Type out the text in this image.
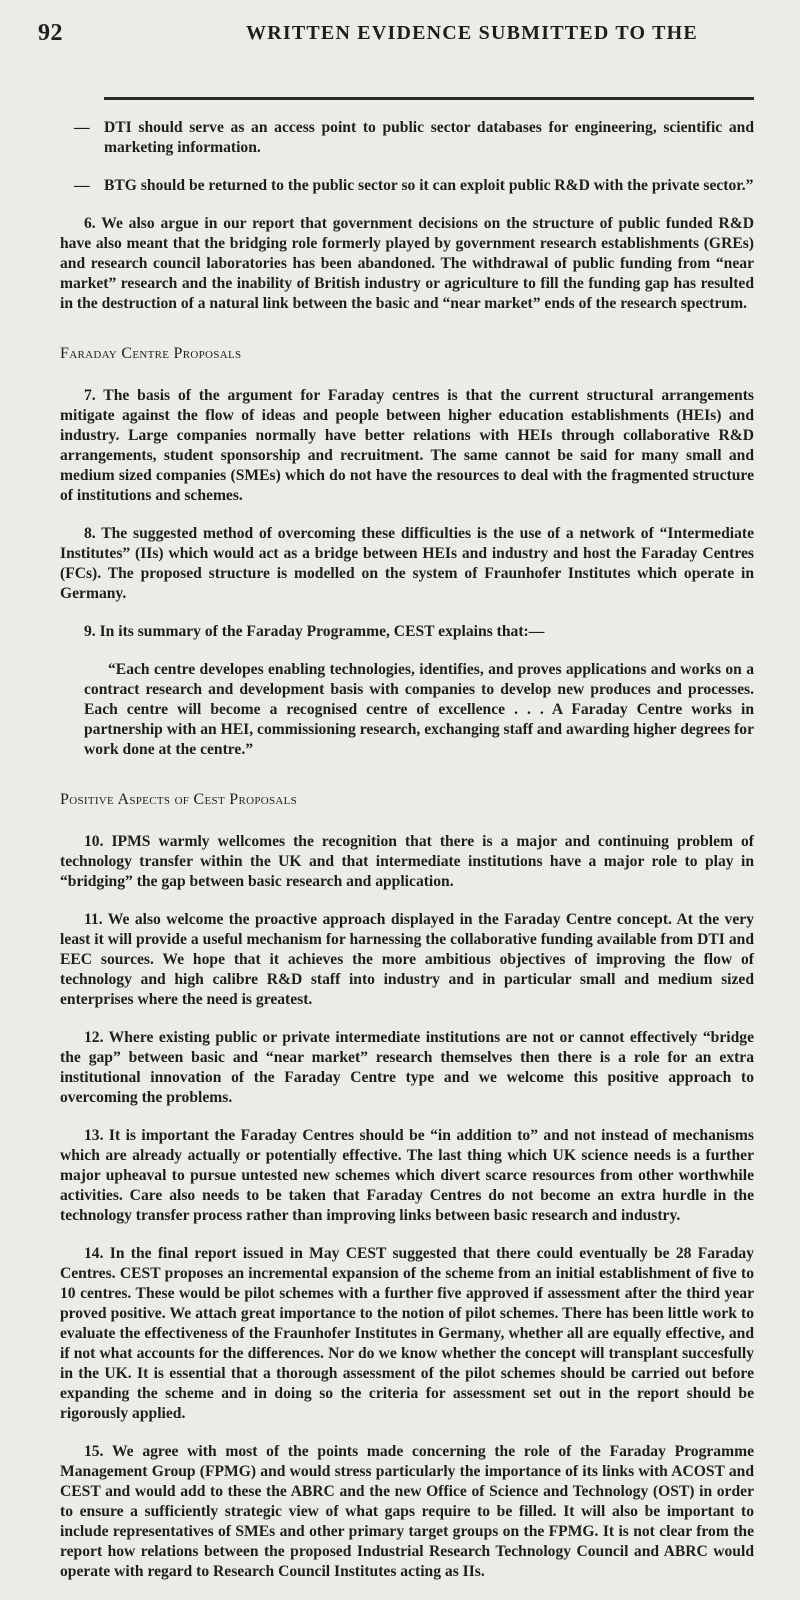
92	WRITTEN EVIDENCE SUBMITTED TO THE
— DTI should serve as an access point to public sector databases for engineering, scientific and marketing information.
— BTG should be returned to the public sector so it can exploit public R&D with the private sector.”

6. We also argue in our report that government decisions on the structure of public funded R&D have also meant that the bridging role formerly played by government research establishments (GREs) and research council laboratories has been abandoned. The withdrawal of public funding from “near market” research and the inability of British industry or agriculture to fill the funding gap has resulted in the destruction of a natural link between the basic and “near market” ends of the research spectrum.

Faraday Centre Proposals

7. The basis of the argument for Faraday centres is that the current structural arrangements mitigate against the flow of ideas and people between higher education establishments (HEIs) and industry. Large companies normally have better relations with HEIs through collaborative R&D arrangements, student sponsorship and recruitment. The same cannot be said for many small and medium sized companies (SMEs) which do not have the resources to deal with the fragmented structure of institutions and schemes.

8. The suggested method of overcoming these difficulties is the use of a network of “Intermediate Institutes” (IIs) which would act as a bridge between HEIs and industry and host the Faraday Centres (FCs). The proposed structure is modelled on the system of Fraunhofer Institutes which operate in Germany.

9. In its summary of the Faraday Programme, CEST explains that:—

“Each centre developes enabling technologies, identifies, and proves applications and works on a contract research and development basis with companies to develop new produces and processes. Each centre will become a recognised centre of excellence . . . A Faraday Centre works in partnership with an HEI, commissioning research, exchanging staff and awarding higher degrees for work done at the centre.”

Positive Aspects of Cest Proposals

10. IPMS warmly wellcomes the recognition that there is a major and continuing problem of technology transfer within the UK and that intermediate institutions have a major role to play in “bridging” the gap between basic research and application.

11. We also welcome the proactive approach displayed in the Faraday Centre concept. At the very least it will provide a useful mechanism for harnessing the collaborative funding available from DTI and EEC sources. We hope that it achieves the more ambitious objectives of improving the flow of technology and high calibre R&D staff into industry and in particular small and medium sized enterprises where the need is greatest.

12. Where existing public or private intermediate institutions are not or cannot effectively “bridge the gap” between basic and “near market” research themselves then there is a role for an extra institutional innovation of the Faraday Centre type and we welcome this positive approach to overcoming the problems.

13. It is important the Faraday Centres should be “in addition to” and not instead of mechanisms which are already actually or potentially effective. The last thing which UK science needs is a further major upheaval to pursue untested new schemes which divert scarce resources from other worthwhile activities. Care also needs to be taken that Faraday Centres do not become an extra hurdle in the technology transfer process rather than improving links between basic research and industry.

14. In the final report issued in May CEST suggested that there could eventually be 28 Faraday Centres. CEST proposes an incremental expansion of the scheme from an initial establishment of five to 10 centres. These would be pilot schemes with a further five approved if assessment after the third year proved positive. We attach great importance to the notion of pilot schemes. There has been little work to evaluate the effectiveness of the Fraunhofer Institutes in Germany, whether all are equally effective, and if not what accounts for the differences. Nor do we know whether the concept will transplant succesfully in the UK. It is essential that a thorough assessment of the pilot schemes should be carried out before expanding the scheme and in doing so the criteria for assessment set out in the report should be rigorously applied.

15. We agree with most of the points made concerning the role of the Faraday Programme Management Group (FPMG) and would stress particularly the importance of its links with ACOST and CEST and would add to these the ABRC and the new Office of Science and Technology (OST) in order to ensure a sufficiently strategic view of what gaps require to be filled. It will also be important to include representatives of SMEs and other primary target groups on the FPMG. It is not clear from the report how relations between the proposed Industrial Research Technology Council and ABRC would operate with regard to Research Council Institutes acting as IIs.
